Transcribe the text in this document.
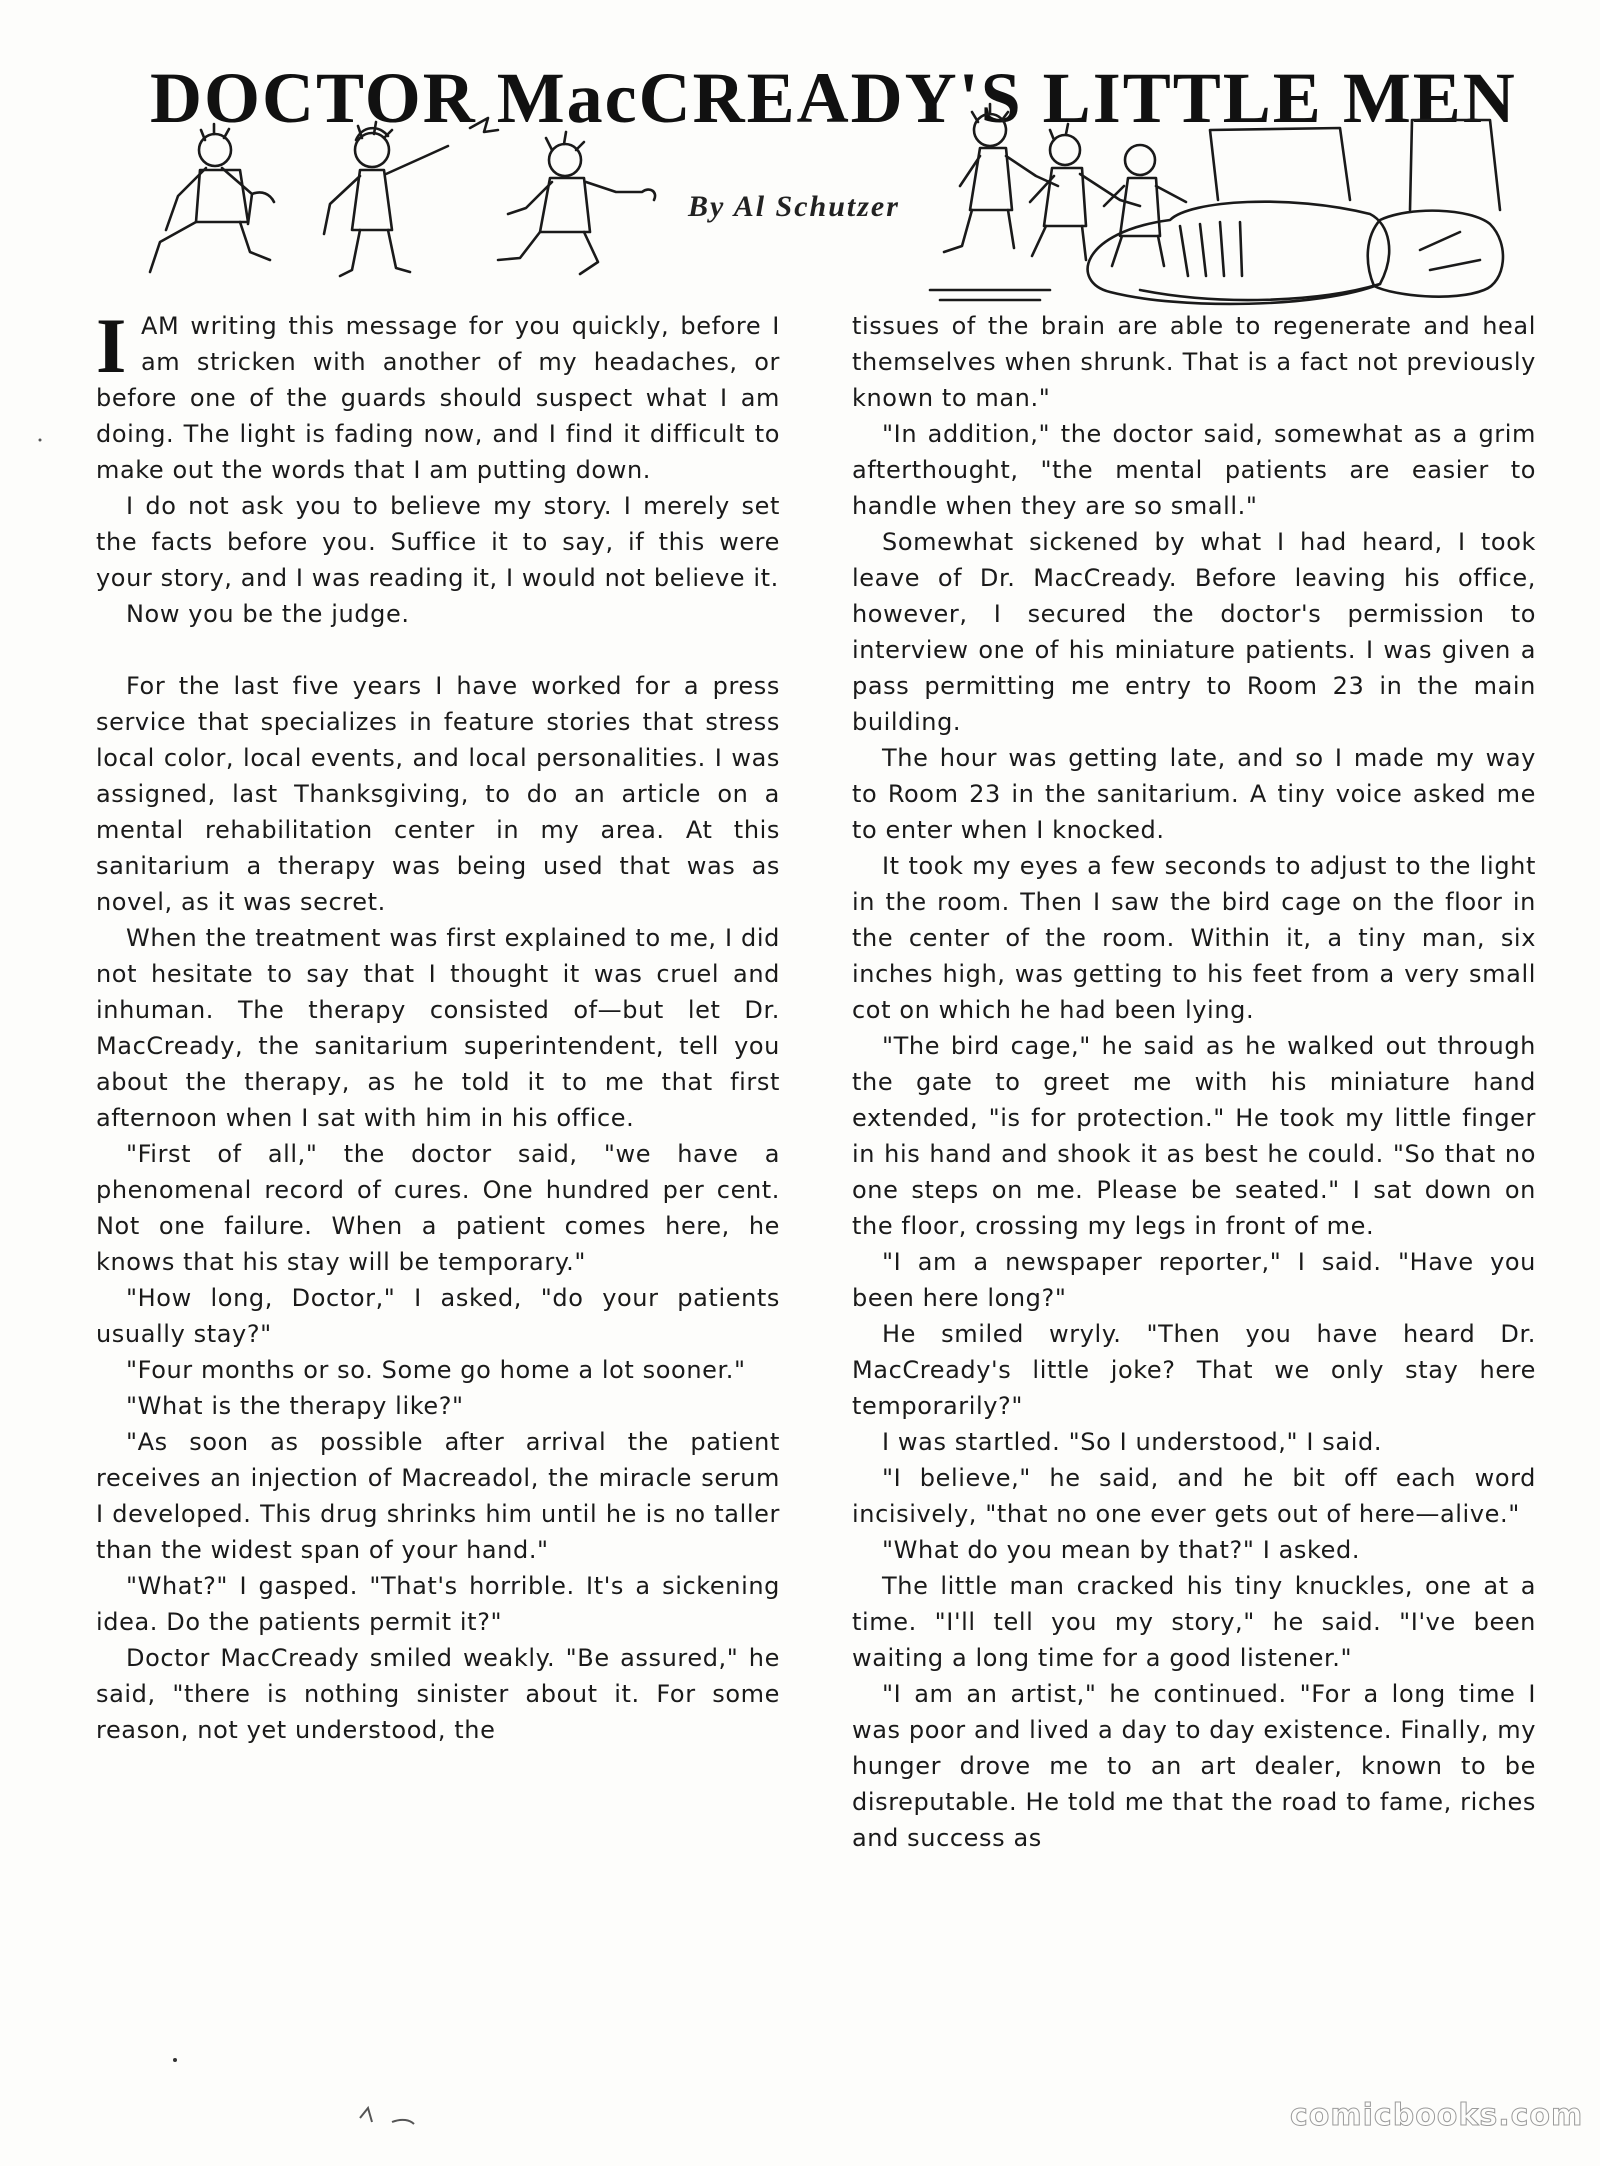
DOCTOR MacCREADY'S LITTLE MEN
By Al Schutzer

I AM writing this message for you quickly, before I am stricken with another of my headaches, or before one of the guards should suspect what I am doing. The light is fading now, and I find it difficult to make out the words that I am putting down.

I do not ask you to believe my story. I merely set the facts before you. Suffice it to say, if this were your story, and I was reading it, I would not believe it.

Now you be the judge.

For the last five years I have worked for a press service that specializes in feature stories that stress local color, local events, and local personalities. I was assigned, last Thanksgiving, to do an article on a mental rehabilitation center in my area. At this sanitarium a therapy was being used that was as novel, as it was secret.

When the treatment was first explained to me, I did not hesitate to say that I thought it was cruel and inhuman. The therapy consisted of—but let Dr. MacCready, the sanitarium superintendent, tell you about the therapy, as he told it to me that first afternoon when I sat with him in his office.

"First of all," the doctor said, "we have a phenomenal record of cures. One hundred per cent. Not one failure. When a patient comes here, he knows that his stay will be temporary."

"How long, Doctor," I asked, "do your patients usually stay?"

"Four months or so. Some go home a lot sooner."

"What is the therapy like?"

"As soon as possible after arrival the patient receives an injection of Macreadol, the miracle serum I developed. This drug shrinks him until he is no taller than the widest span of your hand."

"What?" I gasped. "That's horrible. It's a sickening idea. Do the patients permit it?"

Doctor MacCready smiled weakly. "Be assured," he said, "there is nothing sinister about it. For some reason, not yet understood, the

tissues of the brain are able to regenerate and heal themselves when shrunk. That is a fact not previously known to man."

"In addition," the doctor said, somewhat as a grim afterthought, "the mental patients are easier to handle when they are so small."

Somewhat sickened by what I had heard, I took leave of Dr. MacCready. Before leaving his office, however, I secured the doctor's permission to interview one of his miniature patients. I was given a pass permitting me entry to Room 23 in the main building.

The hour was getting late, and so I made my way to Room 23 in the sanitarium. A tiny voice asked me to enter when I knocked.

It took my eyes a few seconds to adjust to the light in the room. Then I saw the bird cage on the floor in the center of the room. Within it, a tiny man, six inches high, was getting to his feet from a very small cot on which he had been lying.

"The bird cage," he said as he walked out through the gate to greet me with his miniature hand extended, "is for protection." He took my little finger in his hand and shook it as best he could. "So that no one steps on me. Please be seated." I sat down on the floor, crossing my legs in front of me.

"I am a newspaper reporter," I said. "Have you been here long?"

He smiled wryly. "Then you have heard Dr. MacCready's little joke? That we only stay here temporarily?"

I was startled. "So I understood," I said.

"I believe," he said, and he bit off each word incisively, "that no one ever gets out of here—alive."

"What do you mean by that?" I asked.

The little man cracked his tiny knuckles, one at a time. "I'll tell you my story," he said. "I've been waiting a long time for a good listener."

"I am an artist," he continued. "For a long time I was poor and lived a day to day existence. Finally, my hunger drove me to an art dealer, known to be disreputable. He told me that the road to fame, riches and success as

comicbooks.com
